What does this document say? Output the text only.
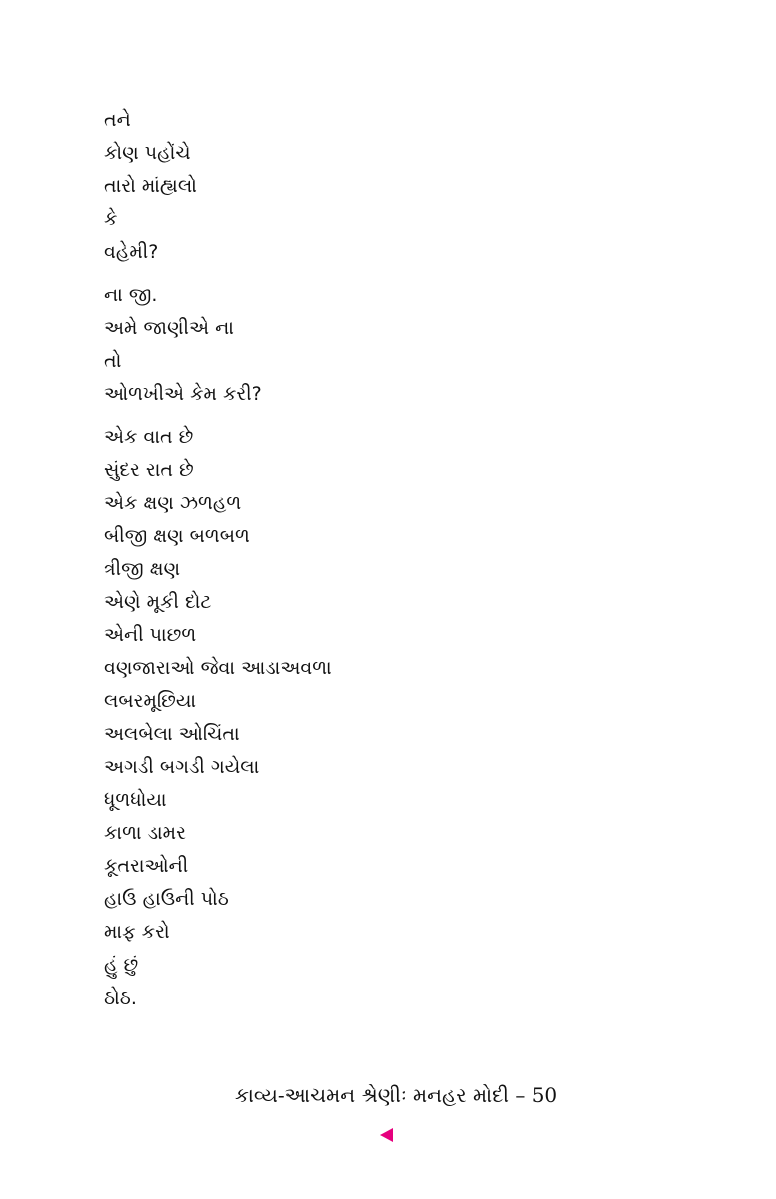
તને
કોણ પહોંચે
તારો માંહ્યલો
કે
વહેમી?
ના જી.
અમે જાણીએ ના
તો
ઓળખીએ કેમ કરી?
એક વાત છે
સુંદર રાત છે
એક ક્ષણ ઝળહળ
બીજી ક્ષણ બળબળ
ત્રીજી ક્ષણ
એણે મૂકી દોટ
એની પાછળ
વણજારાઓ જેવા આડાઅવળા
લબરમૂછિયા
અલબેલા ઓચિંતા
અગડી બગડી ગયેલા
ધૂળધોયા
કાળા ડામર
કૂતરાઓની
હાઉ હાઉની પોઠ
માફ કરો
હું છું
ઠોઠ.
કાવ્ય-આચમન શ્રેણીઃ મનહર મોદી – 50
